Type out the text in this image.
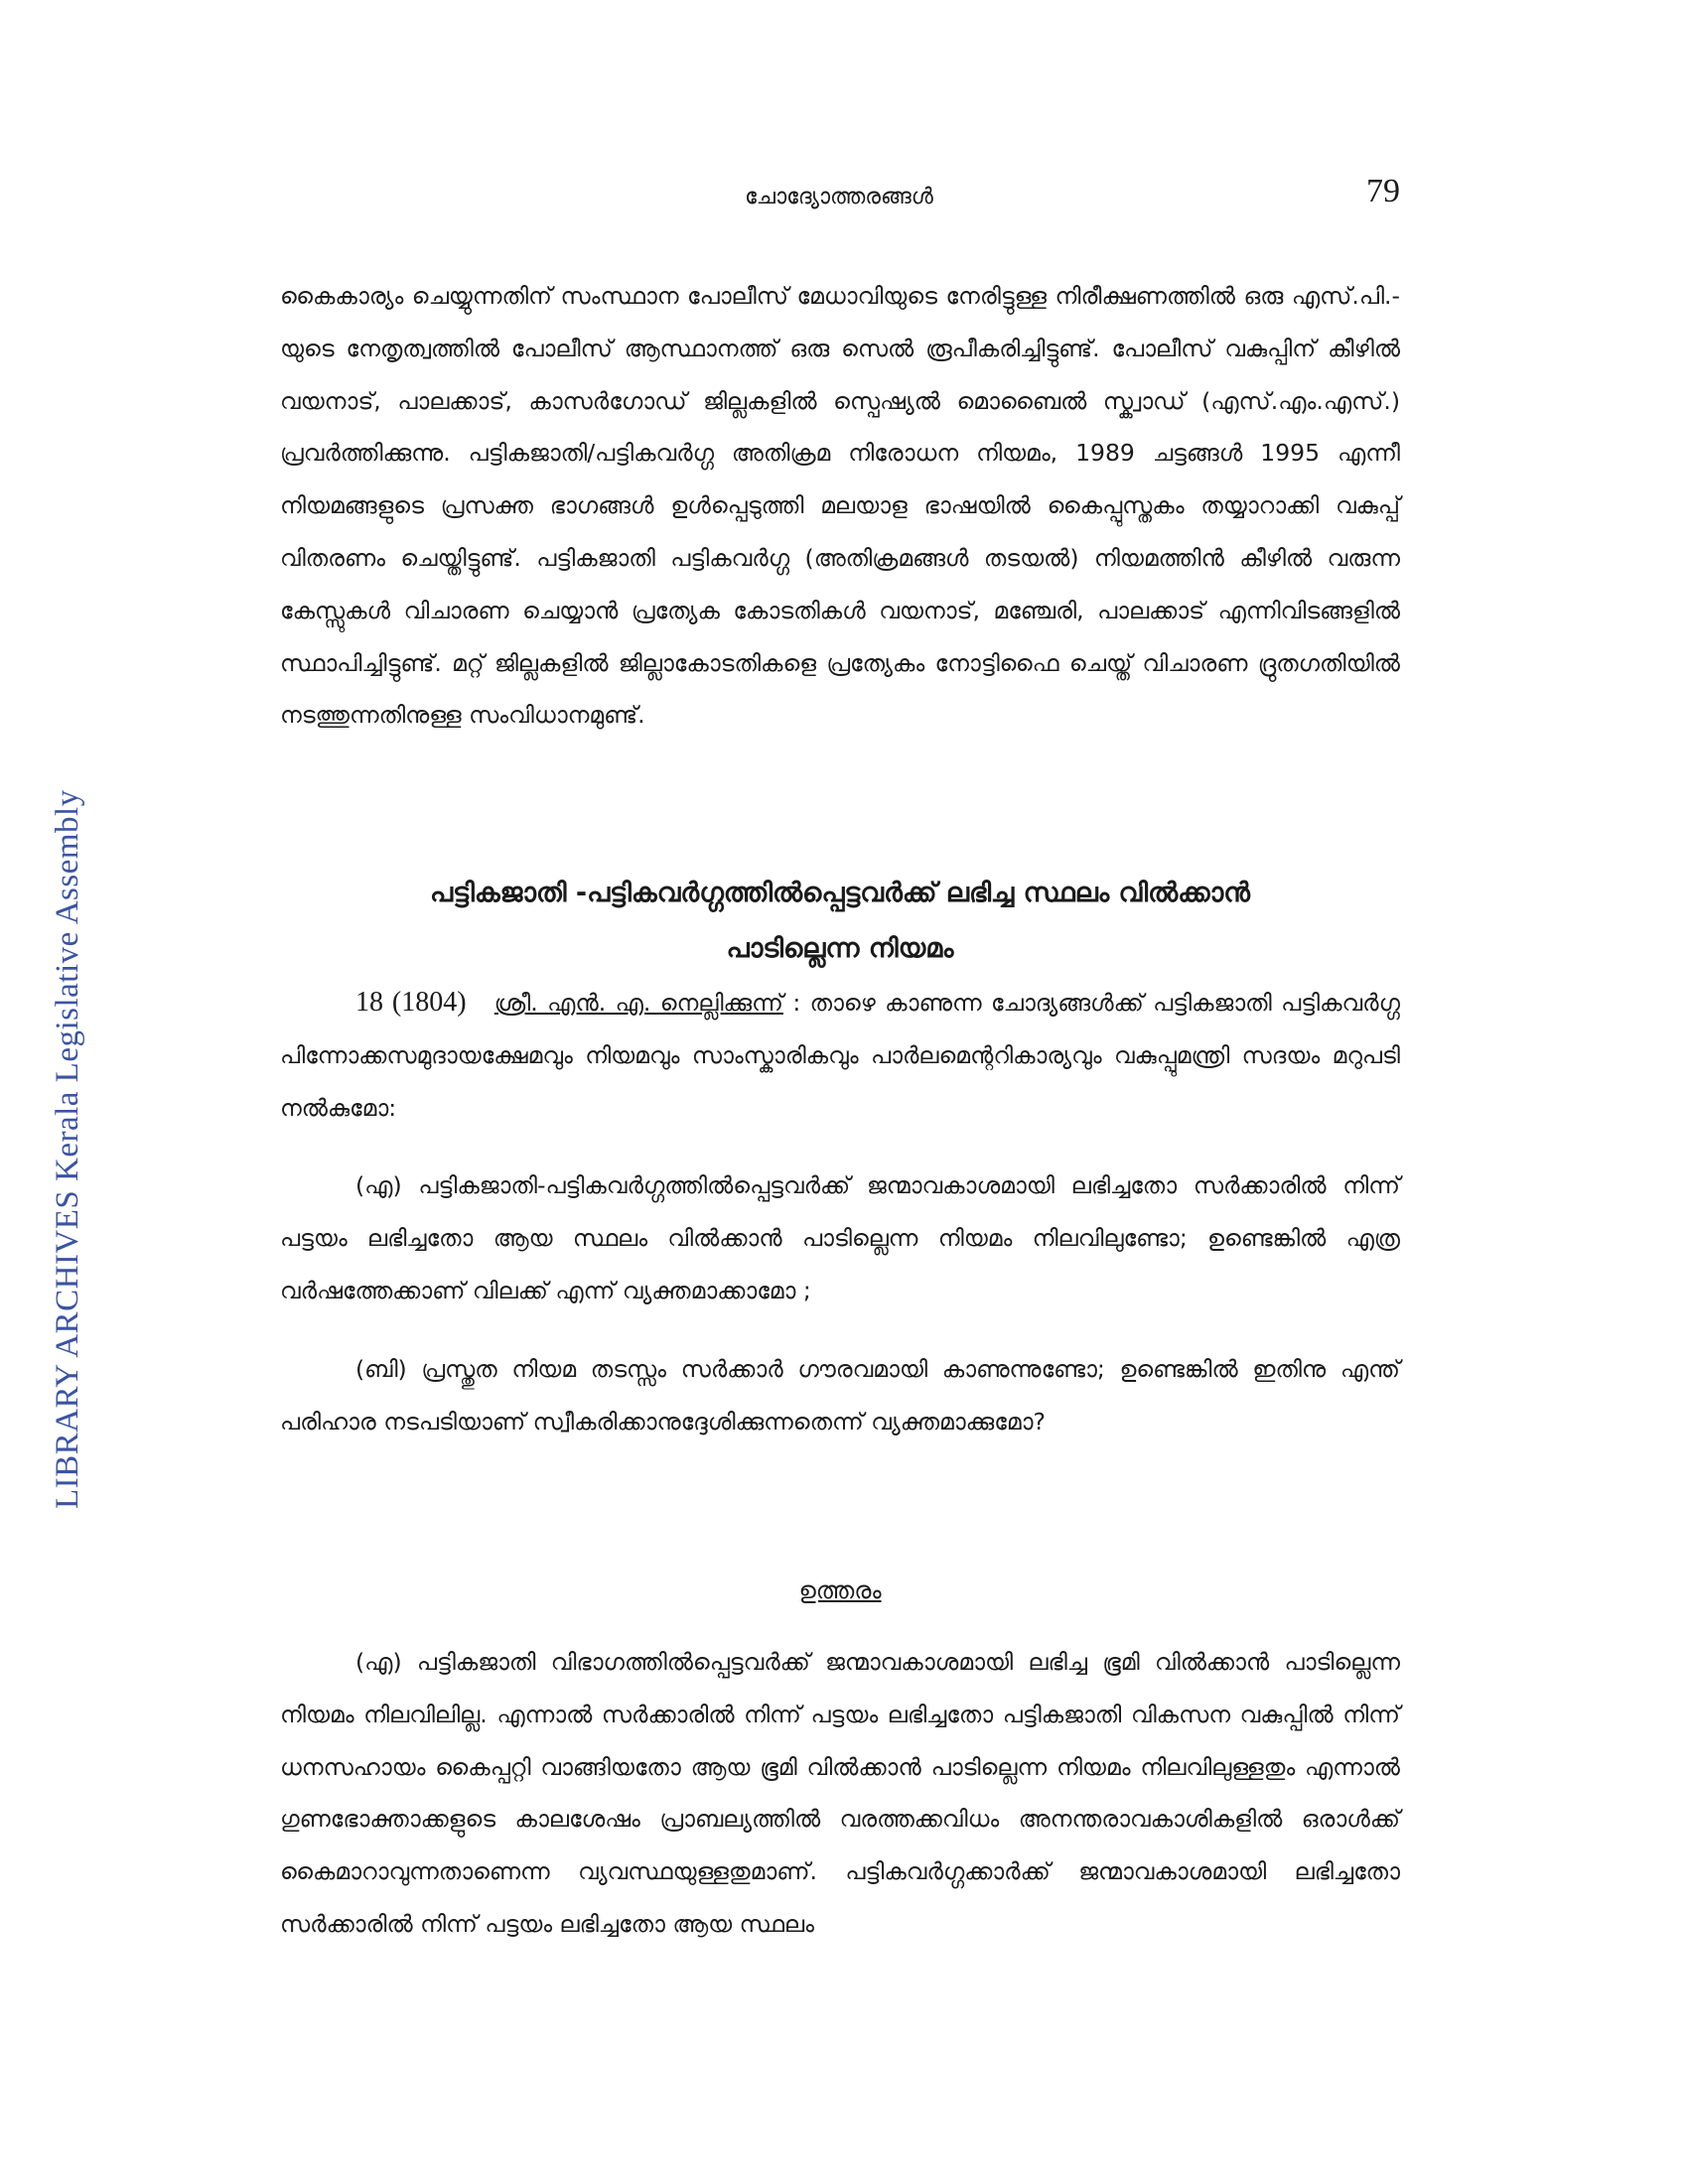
ചോദ്യോത്തരങ്ങൾ	79
LIBRARY ARCHIVES Kerala Legislative Assembly

കൈകാര്യം ചെയ്യുന്നതിന് സംസ്ഥാന പോലീസ് മേധാവിയുടെ നേരിട്ടുള്ള നിരീക്ഷണത്തിൽ ഒരു എസ്.പി.-യുടെ നേതൃത്വത്തിൽ പോലീസ് ആസ്ഥാനത്ത് ഒരു സെൽ രൂപീകരിച്ചിട്ടുണ്ട്. പോലീസ് വകുപ്പിന് കീഴിൽ വയനാട്, പാലക്കാട്, കാസർഗോഡ് ജില്ലകളിൽ സ്പെഷ്യൽ മൊബൈൽ സ്ക്വാഡ് (എസ്.എം.എസ്.) പ്രവർത്തിക്കുന്നു. പട്ടികജാതി/പട്ടികവർഗ്ഗ അതിക്രമ നിരോധന നിയമം, 1989 ചട്ടങ്ങൾ 1995 എന്നീ നിയമങ്ങളുടെ പ്രസക്ത ഭാഗങ്ങൾ ഉൾപ്പെടുത്തി മലയാള ഭാഷയിൽ കൈപ്പുസ്തകം തയ്യാറാക്കി വകുപ്പ് വിതരണം ചെയ്തിട്ടുണ്ട്. പട്ടികജാതി പട്ടികവർഗ്ഗ (അതിക്രമങ്ങൾ തടയൽ) നിയമത്തിൻ കീഴിൽ വരുന്ന കേസ്സുകൾ വിചാരണ ചെയ്യാൻ പ്രത്യേക കോടതികൾ വയനാട്, മഞ്ചേരി, പാലക്കാട് എന്നിവിടങ്ങളിൽ സ്ഥാപിച്ചിട്ടുണ്ട്. മറ്റ് ജില്ലകളിൽ ജില്ലാകോടതികളെ പ്രത്യേകം നോട്ടിഫൈ ചെയ്ത് വിചാരണ ദ്രുതഗതിയിൽ നടത്തുന്നതിനുള്ള സംവിധാനമുണ്ട്.

പട്ടികജാതി -പട്ടികവർഗ്ഗത്തിൽപ്പെട്ടവർക്ക് ലഭിച്ച സ്ഥലം വിൽക്കാൻ
പാടില്ലെന്ന നിയമം

18 (1804) ശ്രീ. എൻ. എ. നെല്ലിക്കുന്ന് : താഴെ കാണുന്ന ചോദ്യങ്ങൾക്ക് പട്ടികജാതി പട്ടികവർഗ്ഗ പിന്നോക്കസമുദായക്ഷേമവും നിയമവും സാംസ്കാരികവും പാർലമെന്ററികാര്യവും വകുപ്പുമന്ത്രി സദയം മറുപടി നൽകുമോ:

(എ) പട്ടികജാതി-പട്ടികവർഗ്ഗത്തിൽപ്പെട്ടവർക്ക് ജന്മാവകാശമായി ലഭിച്ചതോ സർക്കാരിൽ നിന്ന് പട്ടയം ലഭിച്ചതോ ആയ സ്ഥലം വിൽക്കാൻ പാടില്ലെന്ന നിയമം നിലവിലുണ്ടോ; ഉണ്ടെങ്കിൽ എത്ര വർഷത്തേക്കാണ് വിലക്ക് എന്ന് വ്യക്തമാക്കാമോ ;

(ബി) പ്രസ്തുത നിയമ തടസ്സം സർക്കാർ ഗൗരവമായി കാണുന്നുണ്ടോ; ഉണ്ടെങ്കിൽ ഇതിനു എന്ത് പരിഹാര നടപടിയാണ് സ്വീകരിക്കാനുദ്ദേശിക്കുന്നതെന്ന് വ്യക്തമാക്കുമോ?

ഉത്തരം

(എ) പട്ടികജാതി വിഭാഗത്തിൽപ്പെട്ടവർക്ക് ജന്മാവകാശമായി ലഭിച്ച ഭൂമി വിൽക്കാൻ പാടില്ലെന്ന നിയമം നിലവിലില്ല. എന്നാൽ സർക്കാരിൽ നിന്ന് പട്ടയം ലഭിച്ചതോ പട്ടികജാതി വികസന വകുപ്പിൽ നിന്ന് ധനസഹായം കൈപ്പറ്റി വാങ്ങിയതോ ആയ ഭൂമി വിൽക്കാൻ പാടില്ലെന്ന നിയമം നിലവിലുള്ളതും എന്നാൽ ഗുണഭോക്താക്കളുടെ കാലശേഷം പ്രാബല്യത്തിൽ വരത്തക്കവിധം അനന്തരാവകാശികളിൽ ഒരാൾക്ക് കൈമാറാവുന്നതാണെന്ന വ്യവസ്ഥയുള്ളതുമാണ്. പട്ടികവർഗ്ഗക്കാർക്ക് ജന്മാവകാശമായി ലഭിച്ചതോ സർക്കാരിൽ നിന്ന് പട്ടയം ലഭിച്ചതോ ആയ സ്ഥലം
